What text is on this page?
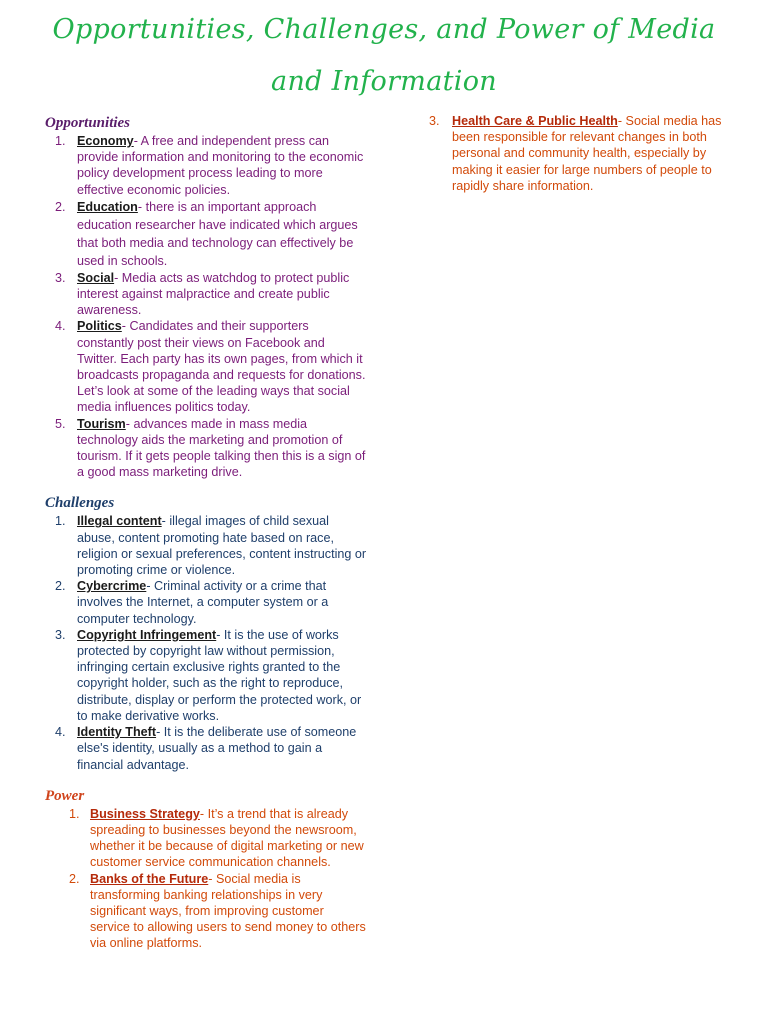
Opportunities, Challenges, and Power of Media and Information
Opportunities
1. Economy- A free and independent press can provide information and monitoring to the economic policy development process leading to more effective economic policies.
2. Education- there is an important approach education researcher have indicated which argues that both media and technology can effectively be used in schools.
3. Social- Media acts as watchdog to protect public interest against malpractice and create public awareness.
4. Politics- Candidates and their supporters constantly post their views on Facebook and Twitter. Each party has its own pages, from which it broadcasts propaganda and requests for donations. Let’s look at some of the leading ways that social media influences politics today.
5. Tourism- advances made in mass media technology aids the marketing and promotion of tourism. If it gets people talking then this is a sign of a good mass marketing drive.
Challenges
1. Illegal content- illegal images of child sexual abuse, content promoting hate based on race, religion or sexual preferences, content instructing or promoting crime or violence.
2. Cybercrime- Criminal activity or a crime that involves the Internet, a computer system or a computer technology.
3. Copyright Infringement- It is the use of works protected by copyright law without permission, infringing certain exclusive rights granted to the copyright holder, such as the right to reproduce, distribute, display or perform the protected work, or to make derivative works.
4. Identity Theft- It is the deliberate use of someone else's identity, usually as a method to gain a financial advantage.
Power
1. Business Strategy- It’s a trend that is already spreading to businesses beyond the newsroom, whether it be because of digital marketing or new customer service communication channels.
2. Banks of the Future- Social media is transforming banking relationships in very significant ways, from improving customer service to allowing users to send money to others via online platforms.
3. Health Care & Public Health- Social media has been responsible for relevant changes in both personal and community health, especially by making it easier for large numbers of people to rapidly share information.
